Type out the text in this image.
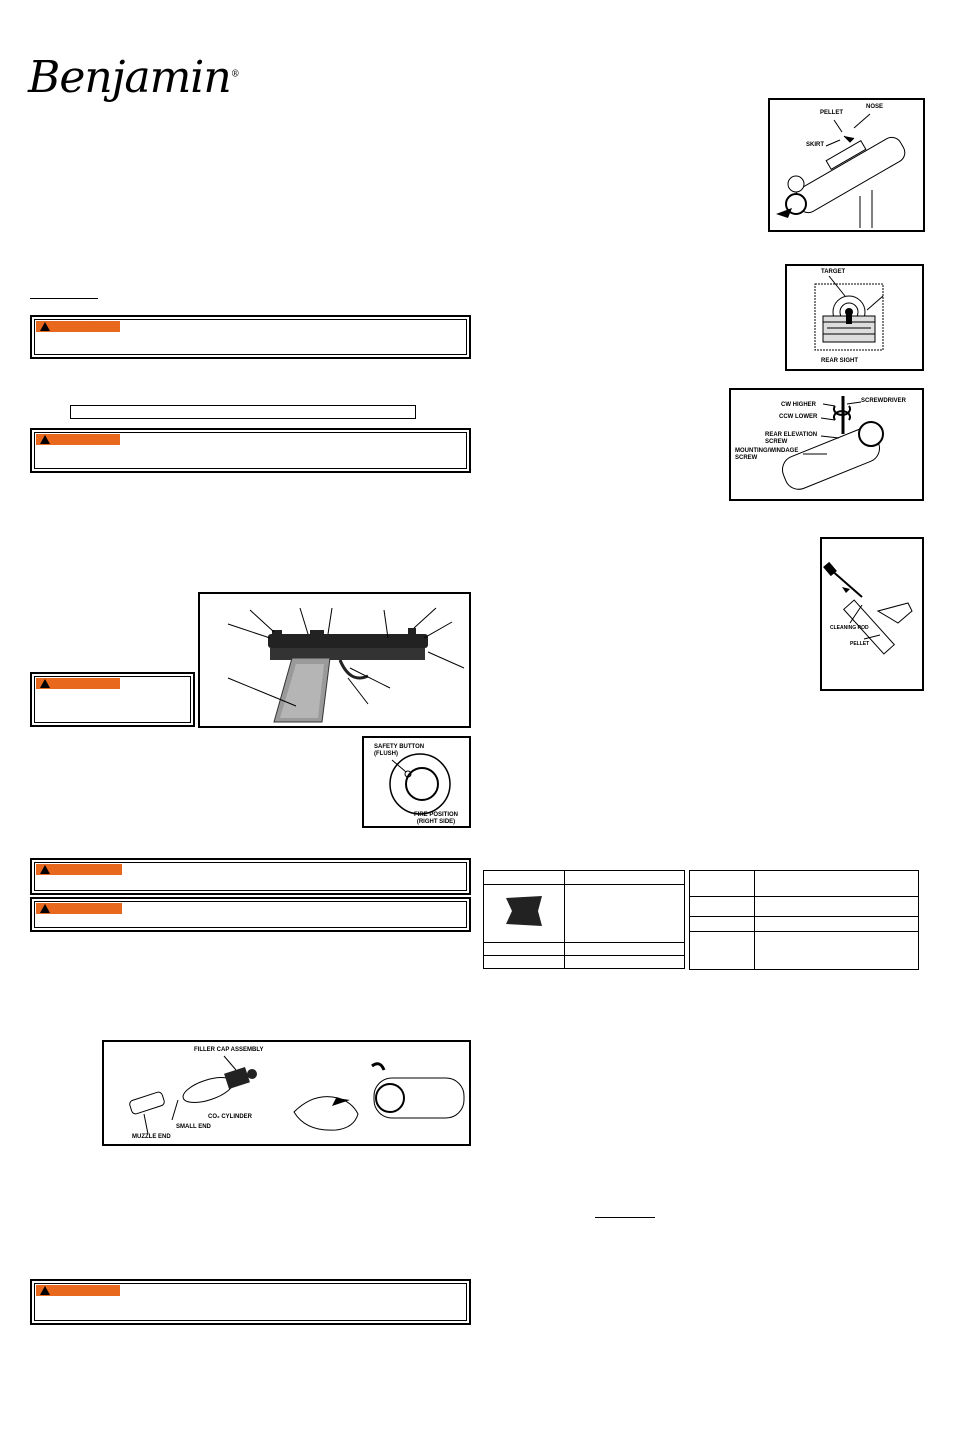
Benjamin®
WARNING
WARNING
WARNING
SAFETY BUTTON (FLUSH)
FIRE POSITION (RIGHT SIDE)
WARNING
WARNING
FILLER CAP ASSEMBLY
CO₂ CYLINDER
SMALL END
MUZZLE END
WARNING
PELLET
NOSE
SKIRT
TARGET
REAR SIGHT
CW HIGHER
CCW LOWER
SCREWDRIVER
REAR ELEVATION SCREW
MOUNTING/WINDAGE SCREW
CLEANING ROD
PELLET
